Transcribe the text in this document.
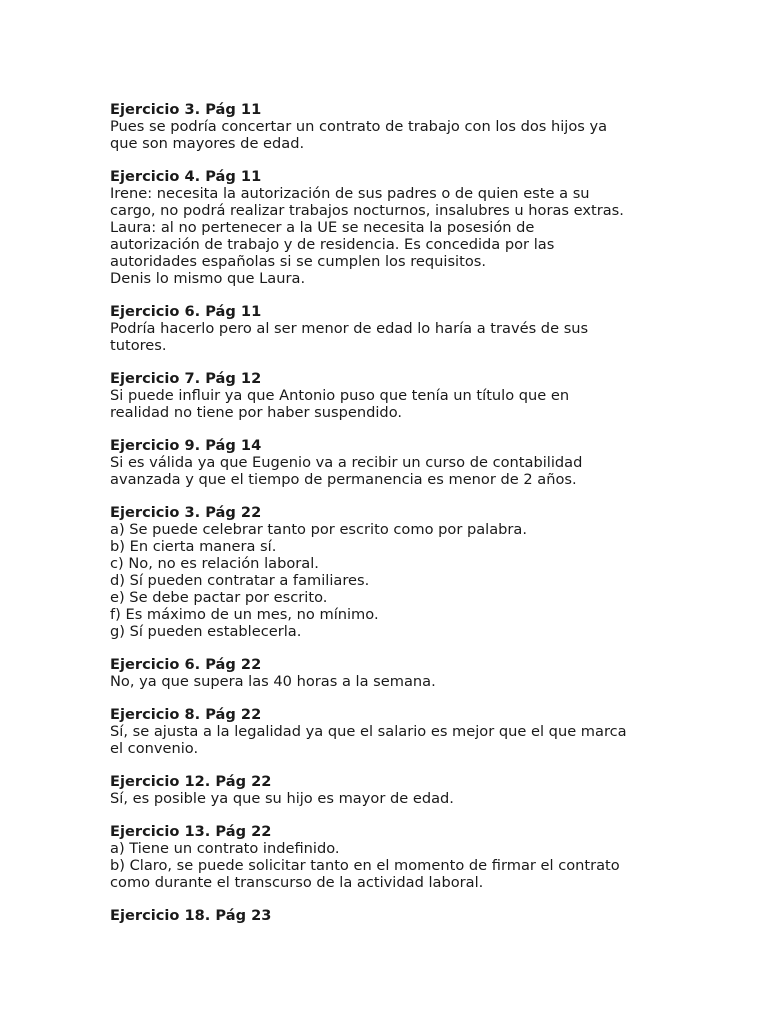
Ejercicio 3. Pág 11
Pues se podría concertar un contrato de trabajo con los dos hijos ya
que son mayores de edad.
Ejercicio 4. Pág 11
Irene: necesita la autorización de sus padres o de quien este a su
cargo, no podrá realizar trabajos nocturnos, insalubres u horas extras.
Laura: al no pertenecer a la UE se necesita la posesión de
autorización de trabajo y de residencia. Es concedida por las
autoridades españolas si se cumplen los requisitos.
Denis lo mismo que Laura.
Ejercicio 6. Pág 11
Podría hacerlo pero al ser menor de edad lo haría a través de sus
tutores.
Ejercicio 7. Pág 12
Si puede influir ya que Antonio puso que tenía un título que en
realidad no tiene por haber suspendido.
Ejercicio 9. Pág 14
Si es válida ya que Eugenio va a recibir un curso de contabilidad
avanzada y que el tiempo de permanencia es menor de 2 años.
Ejercicio 3. Pág 22
a) Se puede celebrar tanto por escrito como por palabra.
b) En cierta manera sí.
c) No, no es relación laboral.
d) Sí pueden contratar a familiares.
e) Se debe pactar por escrito.
f) Es máximo de un mes, no mínimo.
g) Sí pueden establecerla.
Ejercicio 6. Pág 22
No, ya que supera las 40 horas a la semana.
Ejercicio 8. Pág 22
Sí, se ajusta a la legalidad ya que el salario es mejor que el que marca
el convenio.
Ejercicio 12. Pág 22
Sí, es posible ya que su hijo es mayor de edad.
Ejercicio 13. Pág 22
a) Tiene un contrato indefinido.
b) Claro, se puede solicitar tanto en el momento de firmar el contrato
como durante el transcurso de la actividad laboral.
Ejercicio 18. Pág 23
